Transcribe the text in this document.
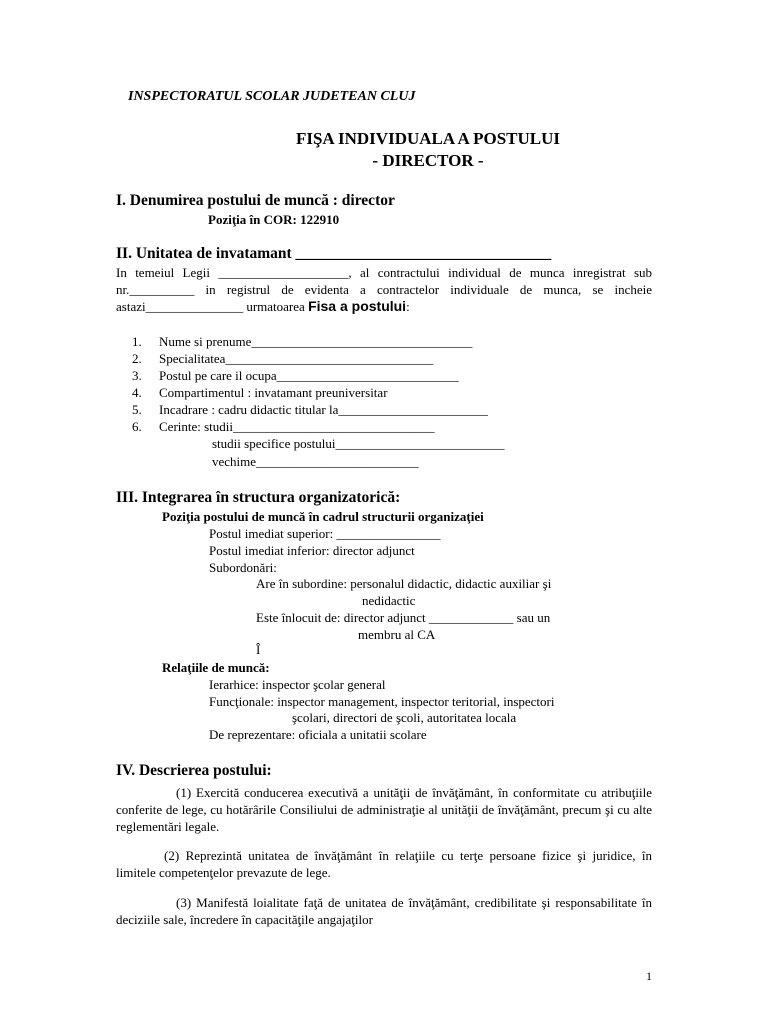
INSPECTORATUL SCOLAR JUDETEAN CLUJ
FIŞA INDIVIDUALA A POSTULUI
- DIRECTOR -
I. Denumirea postului de muncă : director
Poziţia în COR: 122910
II. Unitatea de invatamant _________________________________

In temeiul Legii ____________________, al contractului individual de munca inregistrat sub nr.__________ in registrul de evidenta a contractelor individuale de munca, se incheie astazi_______________ urmatoarea Fisa a postului:

1. Nume si prenume__________________________________
2. Specialitatea________________________________
3. Postul pe care il ocupa____________________________
4. Compartimentul : invatamant preuniversitar
5. Incadrare : cadru didactic titular la_______________________
6. Cerinte: studii_______________________________
studii specifice postului__________________________
vechime_________________________
III. Integrarea în structura organizatorică:
Poziţia postului de muncă în cadrul structurii organizaţiei
Postul imediat superior: ________________
Postul imediat inferior: director adjunct
Subordonări:
Are în subordine: personalul didactic, didactic auxiliar şi
nedidactic
Este înlocuit de: director adjunct _____________ sau un
membru al CA
Î
Relaţiile de muncă:
Ierarhice: inspector şcolar general
Funcţionale: inspector management, inspector teritorial, inspectori
şcolari, directori de şcoli, autoritatea locala
De reprezentare: oficiala a unitatii scolare
IV. Descrierea postului:

(1) Exercită conducerea executivă a unităţii de învăţământ, în conformitate cu atribuţiile conferite de lege, cu hotărârile Consiliului de administraţie al unităţii de învăţământ, precum şi cu alte reglementări legale.

(2) Reprezintă unitatea de învăţământ în relaţiile cu terţe persoane fizice şi juridice, în limitele competenţelor prevazute de lege.

(3) Manifestă loialitate faţă de unitatea de învăţământ, credibilitate şi responsabilitate în deciziile sale, încredere în capacităţile angajaţilor

1
